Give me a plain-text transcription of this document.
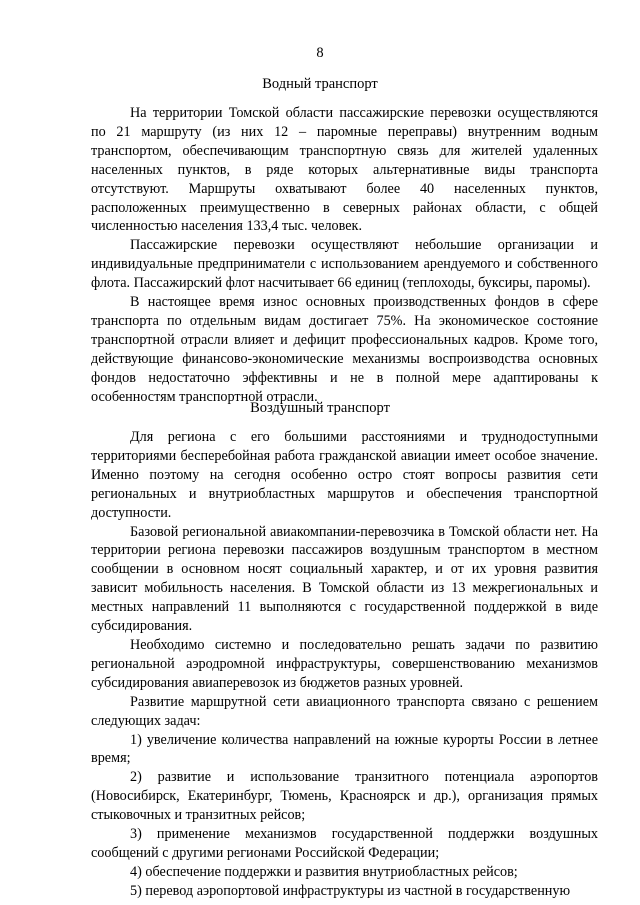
8
Водный транспорт

На территории Томской области пассажирские перевозки осуществляются по 21 маршруту (из них 12 – паромные переправы) внутренним водным транспортом, обеспечивающим транспортную связь для жителей удаленных населенных пунктов, в ряде которых альтернативные виды транспорта отсутствуют. Маршруты охватывают более 40 населенных пунктов, расположенных преимущественно в северных районах области, с общей численностью населения 133,4 тыс. человек.

Пассажирские перевозки осуществляют небольшие организации и индивидуальные предприниматели с использованием арендуемого и собственного флота. Пассажирский флот насчитывает 66 единиц (теплоходы, буксиры, паромы).

В настоящее время износ основных производственных фондов в сфере транспорта по отдельным видам достигает 75%. На экономическое состояние транспортной отрасли влияет и дефицит профессиональных кадров. Кроме того, действующие финансово-экономические механизмы воспроизводства основных фондов недостаточно эффективны и не в полной мере адаптированы к особенностям транспортной отрасли.

Воздушный транспорт

Для региона с его большими расстояниями и труднодоступными территориями бесперебойная работа гражданской авиации имеет особое значение. Именно поэтому на сегодня особенно остро стоят вопросы развития сети региональных и внутриобластных маршрутов и обеспечения транспортной доступности.

Базовой региональной авиакомпании-перевозчика в Томской области нет. На территории региона перевозки пассажиров воздушным транспортом в местном сообщении в основном носят социальный характер, и от их уровня развития зависит мобильность населения. В Томской области из 13 межрегиональных и местных направлений 11 выполняются с государственной поддержкой в виде субсидирования.

Необходимо системно и последовательно решать задачи по развитию региональной аэродромной инфраструктуры, совершенствованию механизмов субсидирования авиаперевозок из бюджетов разных уровней.

Развитие маршрутной сети авиационного транспорта связано с решением следующих задач:

1) увеличение количества направлений на южные курорты России в летнее время;

2) развитие и использование транзитного потенциала аэропортов (Новосибирск, Екатеринбург, Тюмень, Красноярск и др.), организация прямых стыковочных и транзитных рейсов;

3) применение механизмов государственной поддержки воздушных сообщений с другими регионами Российской Федерации;

4) обеспечение поддержки и развития внутриобластных рейсов;

5) перевод аэропортовой инфраструктуры из частной в государственную
